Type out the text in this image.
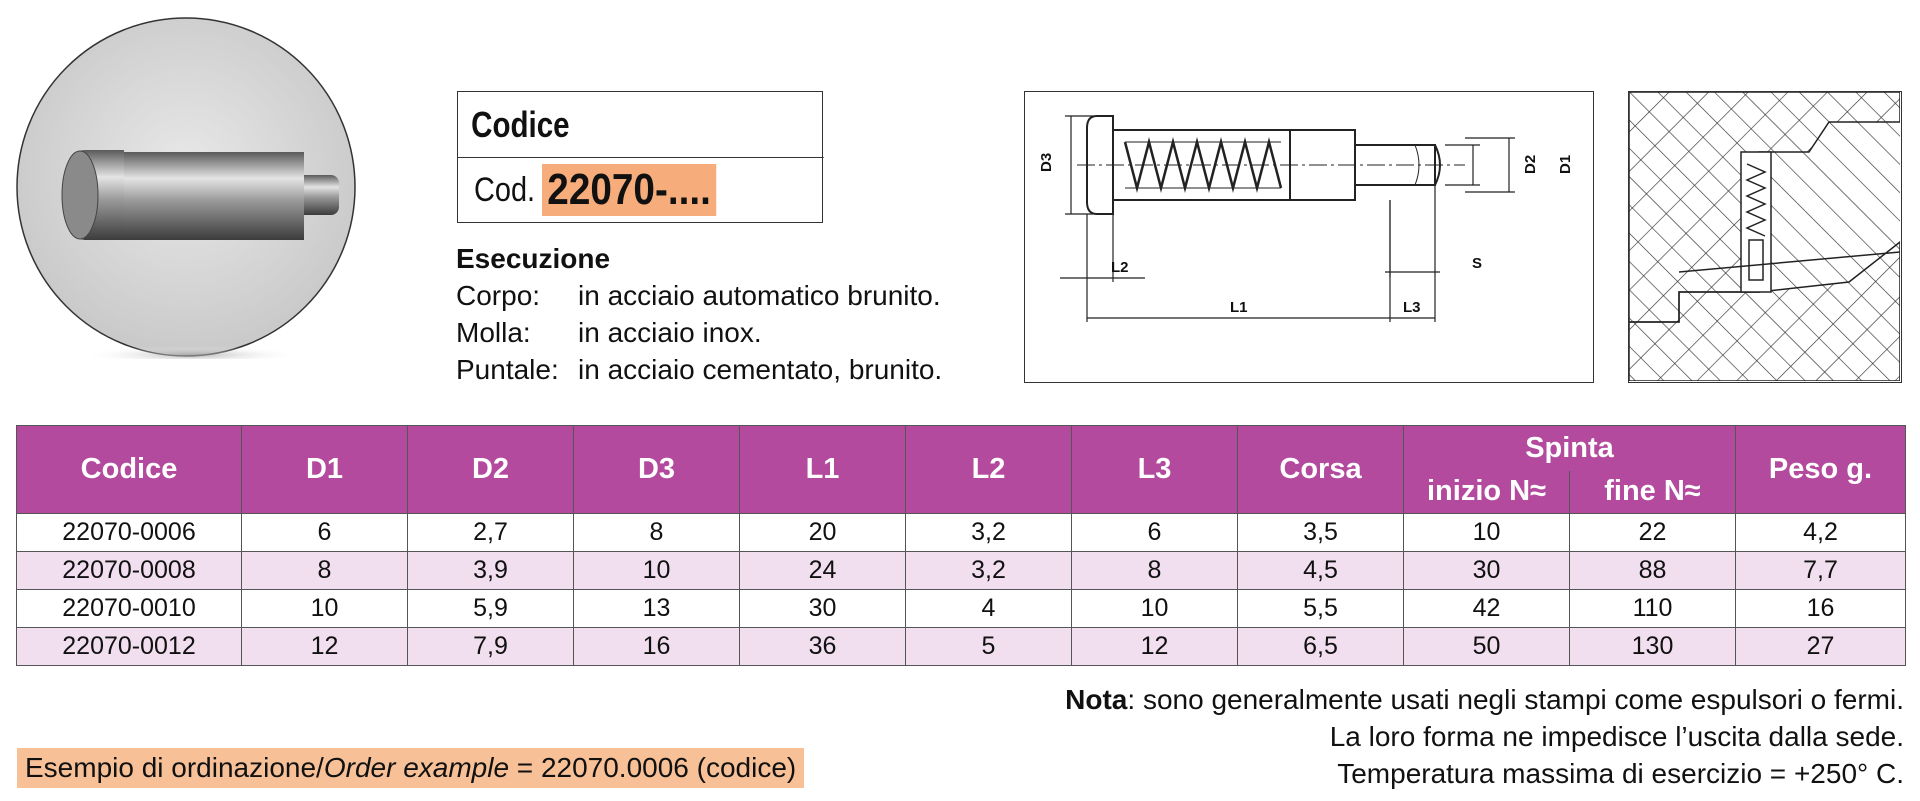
Codice
Cod. 22070-....
Esecuzione
Corpo:	in acciaio automatico brunito.
Molla:	in acciaio inox.
Puntale: in acciaio cementato, brunito.
D3	D2 D1
L2
L1	L3
S
Codice	D1	D2	D3	L1	L2	L3	Corsa	Spinta		Peso g.
								inizio N≈	fine N≈	
22070-0006	6	2,7	8	20	3,2	6	3,5	10	22	4,2
22070-0008	8	3,9	10	24	3,2	8	4,5	30	88	7,7
22070-0010	10	5,9	13	30	4	10	5,5	42	110	16
22070-0012	12	7,9	16	36	5	12	6,5	50	130	27
Nota: sono generalmente usati negli stampi come espulsori o fermi.
La loro forma ne impedisce l’uscita dalla sede.
Temperatura massima di esercizio = +250° C.
Esempio di ordinazione/Order example = 22070.0006 (codice)
